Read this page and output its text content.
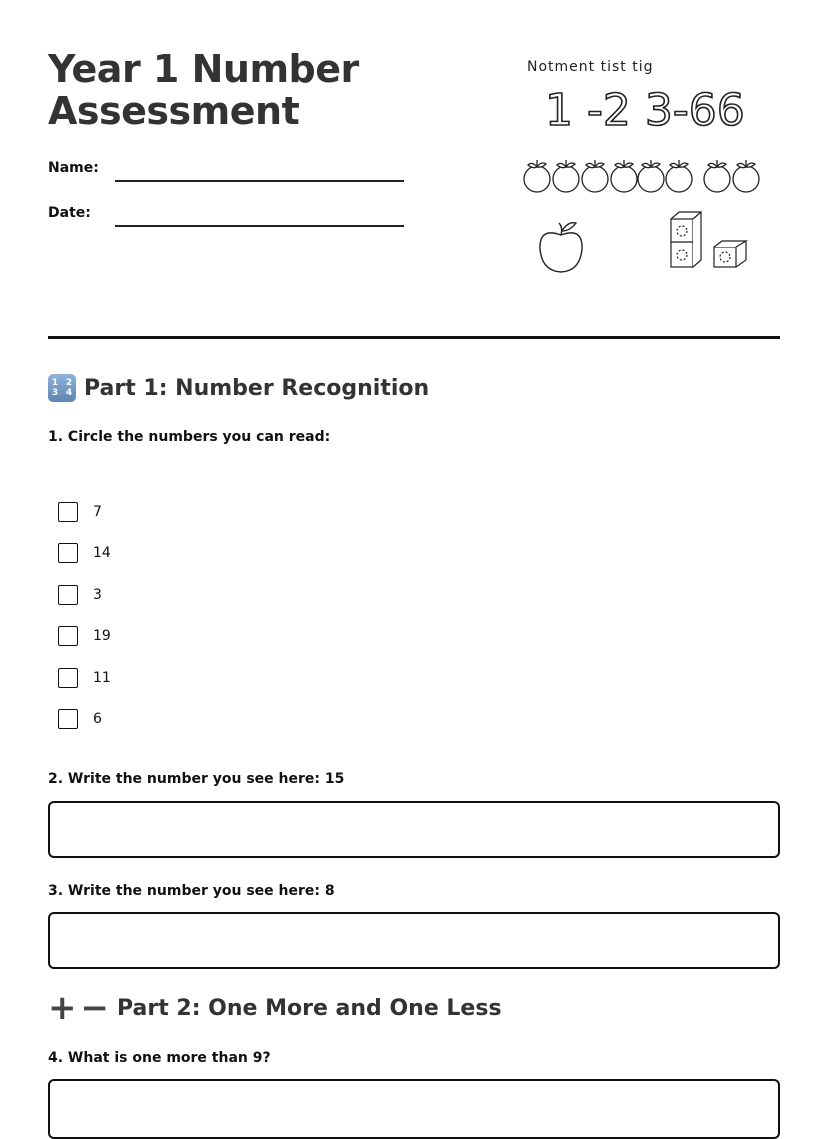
Year 1 Number
Assessment
Name:
Date:
Notment tist tig
1 -2 3-66
1 2
3 4 Part 1: Number Recognition
1. Circle the numbers you can read:
7
14
3
19
11
6
2. Write the number you see here: 15
3. Write the number you see here: 8
+ − Part 2: One More and One Less
4. What is one more than 9?
